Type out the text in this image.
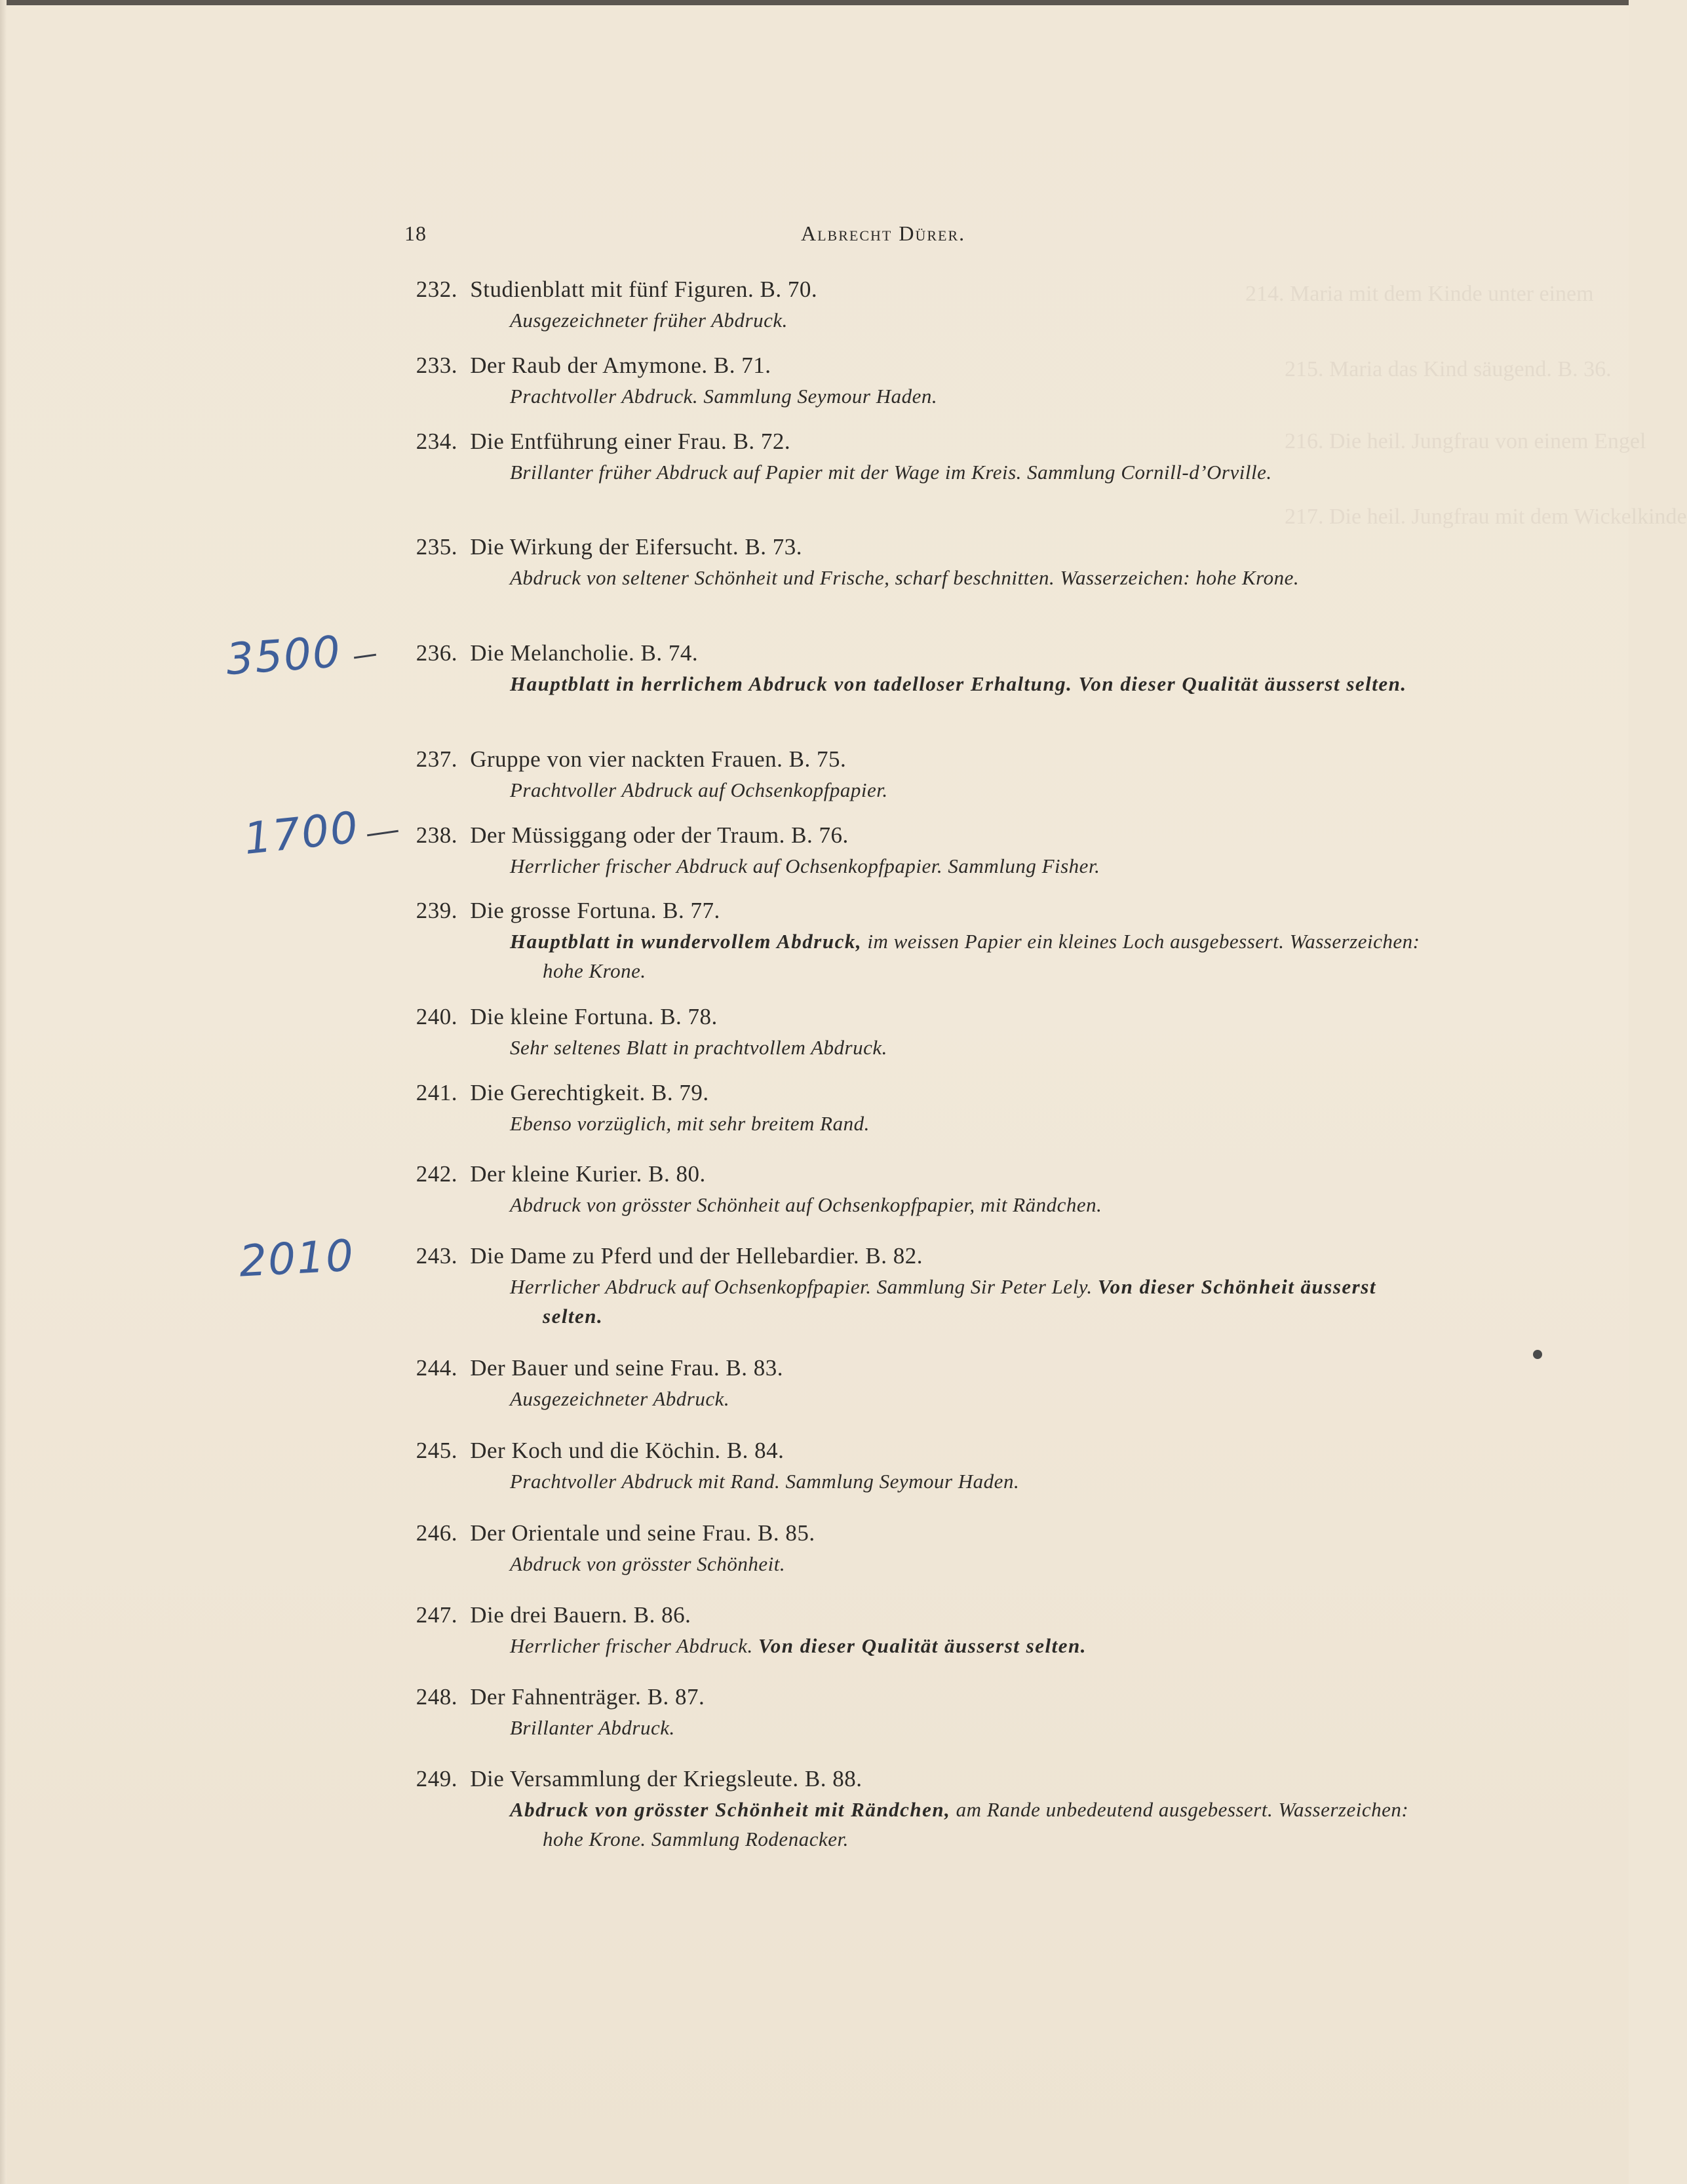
214. Maria mit dem Kinde unter einem
215. Maria das Kind säugend. B. 36.
216. Die heil. Jungfrau von einem Engel
217. Die heil. Jungfrau mit dem Wickelkinde
18	Albrecht Dürer.
232. Studienblatt mit fünf Figuren. B. 70.
Ausgezeichneter früher Abdruck.
233. Der Raub der Amymone. B. 71.
Prachtvoller Abdruck. Sammlung Seymour Haden.
234. Die Entführung einer Frau. B. 72.
Brillanter früher Abdruck auf Papier mit der Wage im Kreis. Sammlung Cornill-d’Orville.
235. Die Wirkung der Eifersucht. B. 73.
Abdruck von seltener Schönheit und Frische, scharf beschnitten. Wasserzeichen: hohe Krone.
236. Die Melancholie. B. 74.
Hauptblatt in herrlichem Abdruck von tadelloser Erhaltung. Von dieser Qualität äusserst selten.
237. Gruppe von vier nackten Frauen. B. 75.
Prachtvoller Abdruck auf Ochsenkopfpapier.
238. Der Müssiggang oder der Traum. B. 76.
Herrlicher frischer Abdruck auf Ochsenkopfpapier. Sammlung Fisher.
239. Die grosse Fortuna. B. 77.
Hauptblatt in wundervollem Abdruck, im weissen Papier ein kleines Loch ausgebessert. Wasserzeichen: hohe Krone.
240. Die kleine Fortuna. B. 78.
Sehr seltenes Blatt in prachtvollem Abdruck.
241. Die Gerechtigkeit. B. 79.
Ebenso vorzüglich, mit sehr breitem Rand.
242. Der kleine Kurier. B. 80.
Abdruck von grösster Schönheit auf Ochsenkopfpapier, mit Rändchen.
243. Die Dame zu Pferd und der Hellebardier. B. 82.
Herrlicher Abdruck auf Ochsenkopfpapier. Sammlung Sir Peter Lely. Von dieser Schönheit äusserst selten.
244. Der Bauer und seine Frau. B. 83.
Ausgezeichneter Abdruck.
245. Der Koch und die Köchin. B. 84.
Prachtvoller Abdruck mit Rand. Sammlung Seymour Haden.
246. Der Orientale und seine Frau. B. 85.
Abdruck von grösster Schönheit.
247. Die drei Bauern. B. 86.
Herrlicher frischer Abdruck. Von dieser Qualität äusserst selten.
248. Der Fahnenträger. B. 87.
Brillanter Abdruck.
249. Die Versammlung der Kriegsleute. B. 88.
Abdruck von grösster Schönheit mit Rändchen, am Rande unbedeutend ausgebessert. Wasserzeichen: hohe Krone. Sammlung Rodenacker.
3500
1700
2010
